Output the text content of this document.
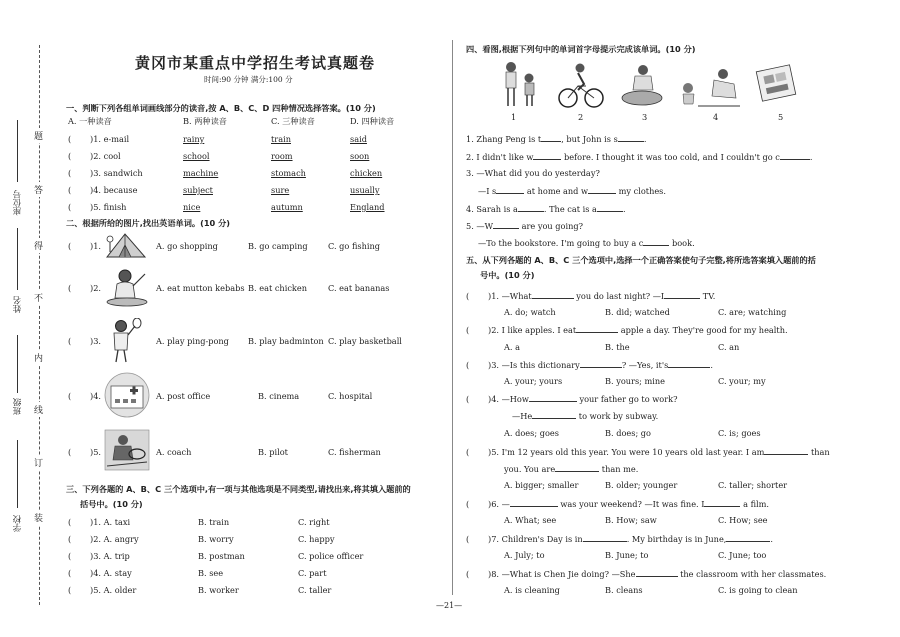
题
答
得
不
内
线
订
装
座位号
姓名
班级
学校
黄冈市某重点中学招生考试真题卷
时间:90 分钟 满分:100 分
一、判断下列各组单词画线部分的读音,按 A、B、C、D 四种情况选择答案。(10 分)
A. 一种读音	B. 两种读音	C. 三种读音	D. 四种读音
( )1. e-mail	rainy	train	said
( )2. cool	school	room	soon
( )3. sandwich	machine	stomach	chicken
( )4. because	subject	sure	usually
( )5. finish	nice	autumn	England
二、根据所给的图片,找出英语单词。(10 分)
( )1.	A. go shopping	B. go camping C. go fishing
( )2.	A. eat mutton kebabs B. eat chicken	C. eat bananas
( )3.	A. play ping-pong B. play badminton C. play basketball
( )4.	A. post office	B. cinema	C. hospital
( )5.	A. coach	B. pilot	C. fisherman
三、下列各题的 A、B、C 三个选项中,有一项与其他选项是不同类型,请找出来,将其填入题前的
括号中。(10 分)
( )1. A. taxi	B. train	C. right
( )2. A. angry	B. worry	C. happy
( )3. A. trip	B. postman	C. police officer
( )4. A. stay	B. see	C. part
( )5. A. older	B. worker	C. taller
四、看图,根据下列句中的单词首字母提示完成该单词。(10 分)
1	2	3	4	5
1. Zhang Peng is t , but John is s	.
2. I didn't like w	before. I thought it was too cold, and I couldn't go c	.
3. —What did you do yesterday?
—I s	at home and w	my clothes.
4. Sarah is a	. The cat is a	.
5. —W	are you going?
—To the bookstore. I'm going to buy a c	book.
五、从下列各题的 A、B、C 三个选项中,选择一个正确答案使句子完整,将所选答案填入题前的括
号中。(10 分)
( )1. —What	you do last night? —I	TV.
A. do; watch	B. did; watched	C. are; watching
( )2. I like apples. I eat	apple a day. They're good for my health.
A. a	B. the	C. an
( )3. —Is this dictionary	? —Yes, it's	.
A. your; yours	B. yours; mine	C. your; my
( )4. —How	your father go to work?
—He	to work by subway.
A. does; goes	B. does; go	C. is; goes
( )5. I'm 12 years old this year. You were 10 years old last year. I am	than
you. You are	than me.
A. bigger; smaller	B. older; younger	C. taller; shorter
( )6. —	was your weekend? —It was fine. I	a film.
A. What; see	B. How; saw	C. How; see
( )7. Children's Day is in	. My birthday is in June,	.
A. July; to	B. June; to	C. June; too
( )8. —What is Chen Jie doing? —She	the classroom with her classmates.
A. is cleaning	B. cleans	C. is going to clean
—21—
